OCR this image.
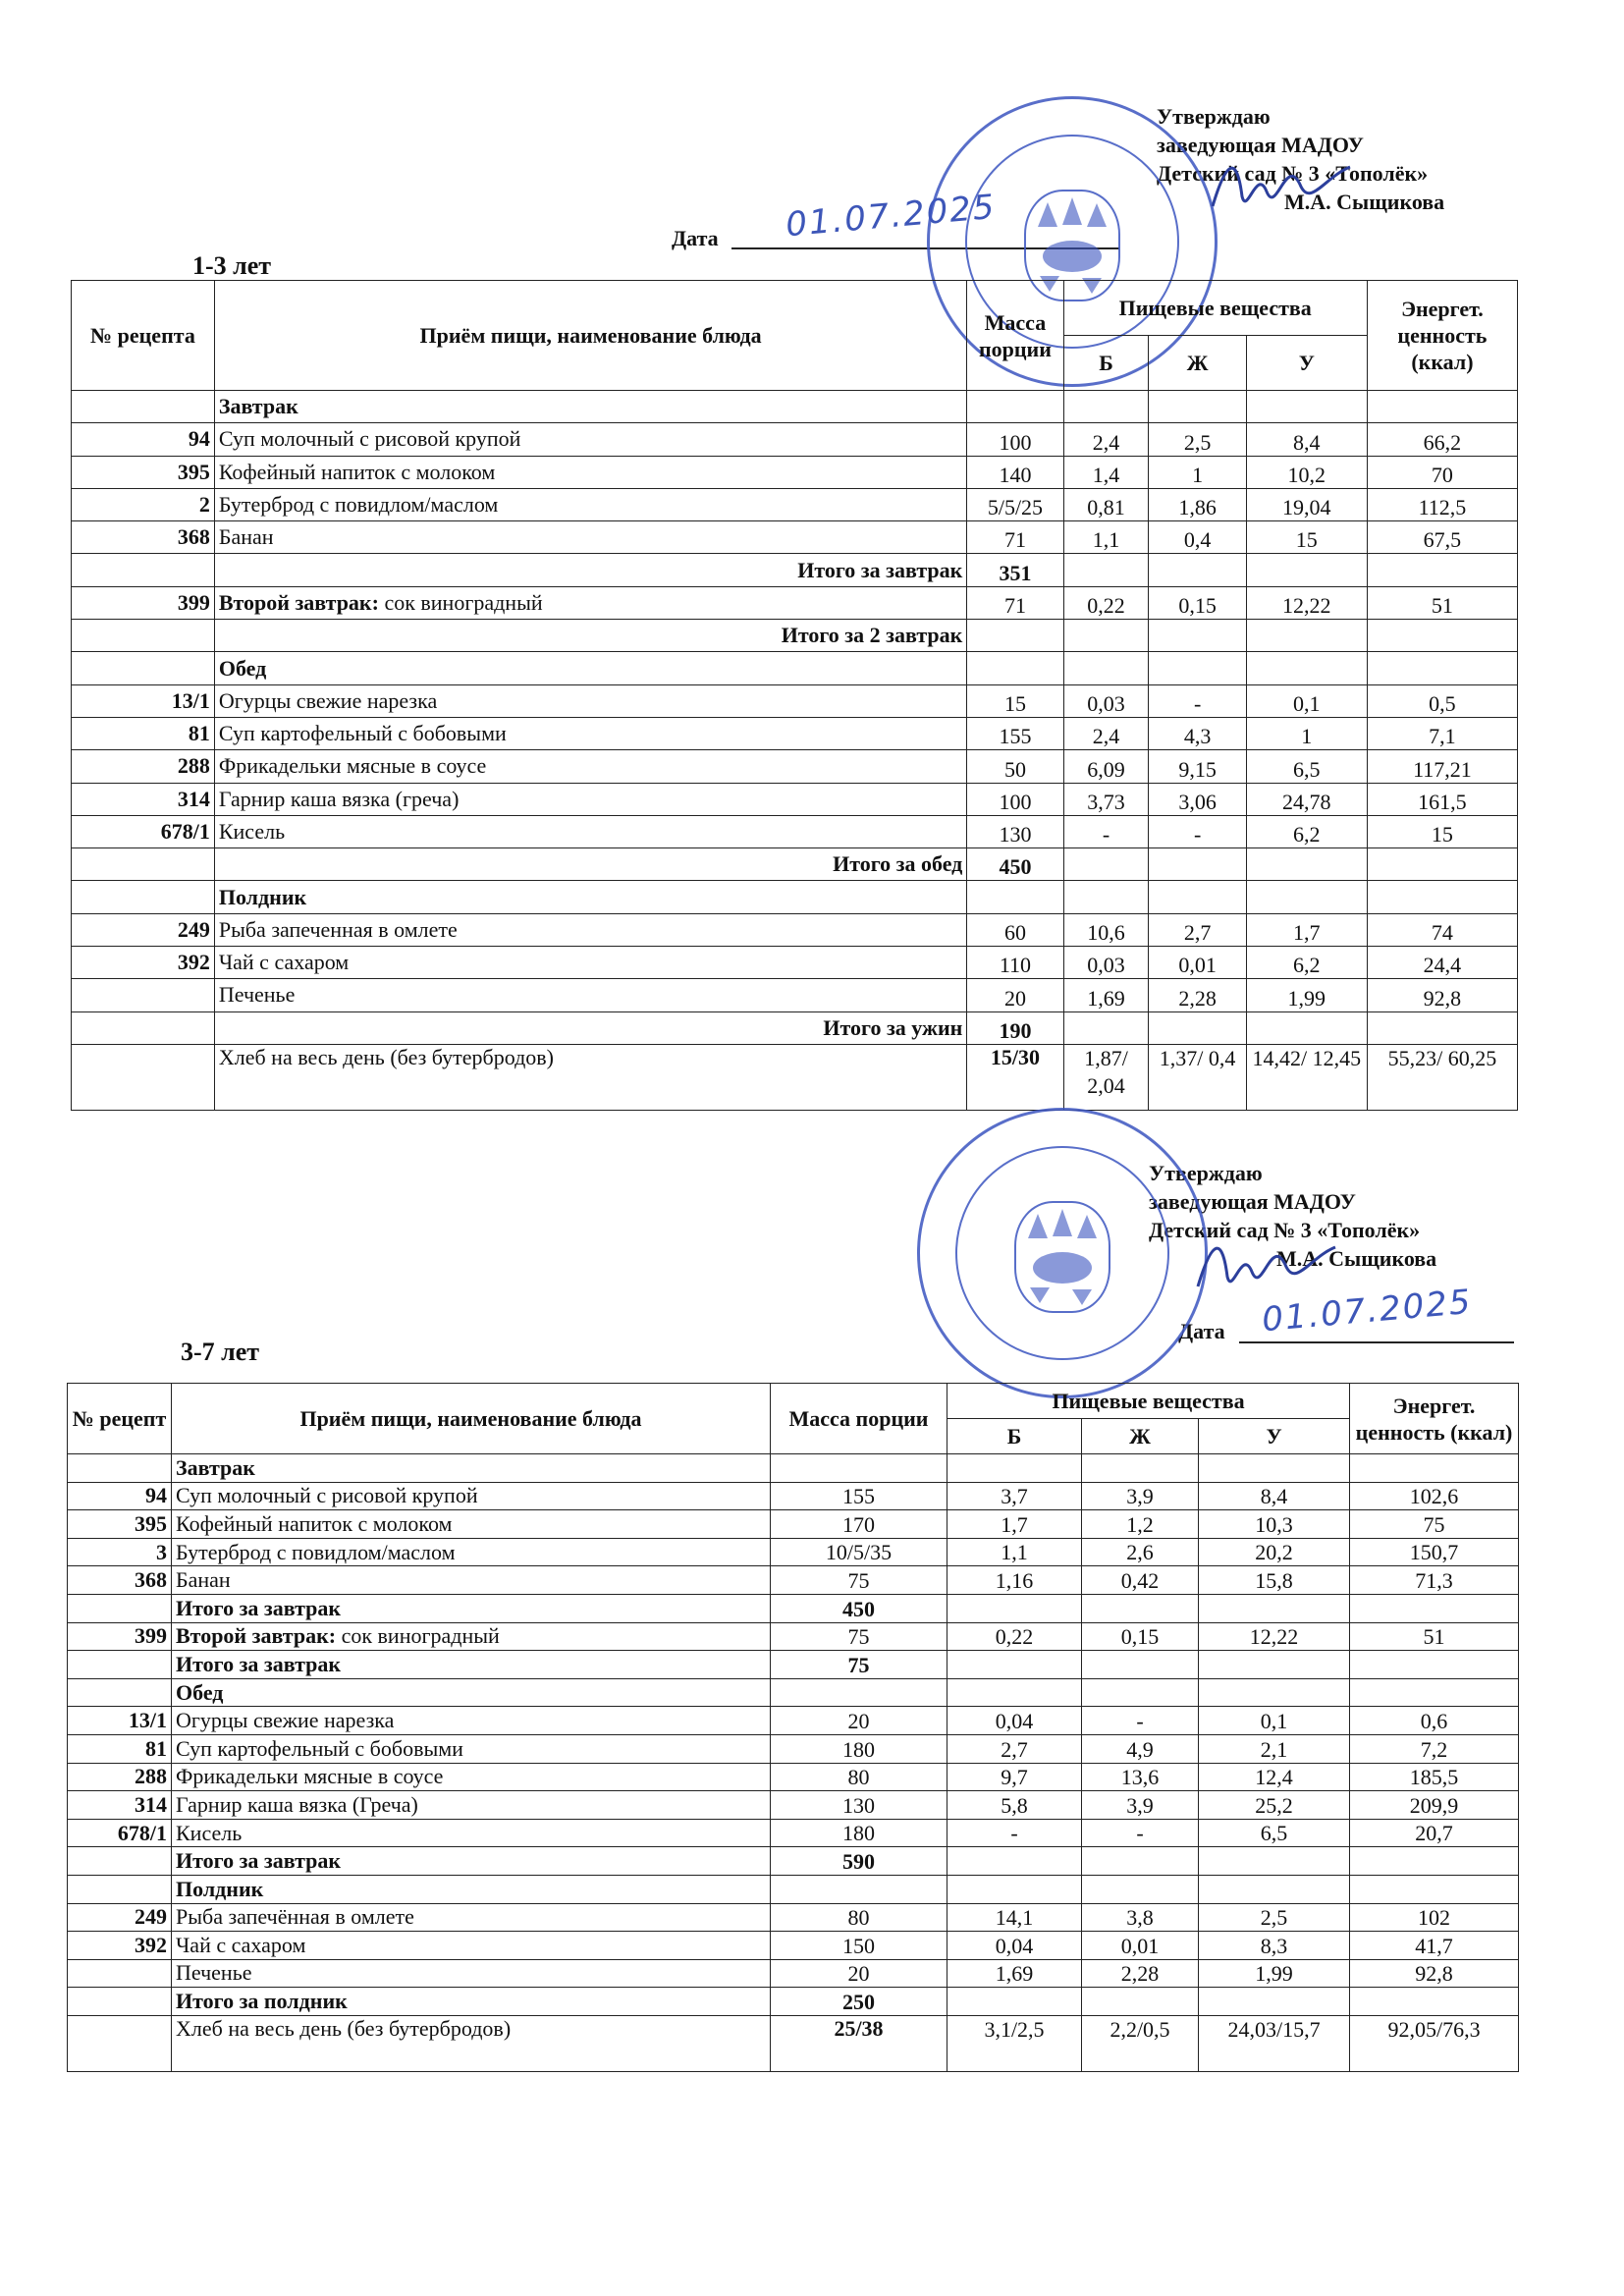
Утверждаю
заведующая МАДОУ
Детский сад № 3 «Тополёк»
М.А. Сыщикова
Дата 01.07.2025
1-3 лет
№ рецепта	Приём пищи, наименование блюда	Масса порции	Пищевые вещества			Энергет. ценность (ккал)
			Б	Ж	У	
	Завтрак					
94	Суп молочный с рисовой крупой	100	2,4	2,5	8,4	66,2
395	Кофейный напиток с молоком	140	1,4	1	10,2	70
2	Бутерброд с повидлом/маслом	5/5/25	0,81	1,86	19,04	112,5
368	Банан	71	1,1	0,4	15	67,5
	Итого за завтрак	351				
399	Второй завтрак: сок виноградный	71	0,22	0,15	12,22	51
	Итого за 2 завтрак					
	Обед					
13/1	Огурцы свежие нарезка	15	0,03	-	0,1	0,5
81	Суп картофельный с бобовыми	155	2,4	4,3	1	7,1
288	Фрикадельки мясные в соусе	50	6,09	9,15	6,5	117,21
314	Гарнир каша вязка (греча)	100	3,73	3,06	24,78	161,5
678/1	Кисель	130	-	-	6,2	15
	Итого за обед	450				
	Полдник					
249	Рыба запеченная в омлете	60	10,6	2,7	1,7	74
392	Чай с сахаром	110	0,03	0,01	6,2	24,4
	Печенье	20	1,69	2,28	1,99	92,8
	Итого за ужин	190				
	Хлеб на весь день (без бутербродов)	15/30	1,87/ 2,04	1,37/ 0,4	14,42/ 12,45	55,23/ 60,25
Утверждаю
заведующая МАДОУ
Детский сад № 3 «Тополёк»
М.А. Сыщикова
Дата 01.07.2025
3-7 лет
№ рецепт	Приём пищи, наименование блюда	Масса порции	Пищевые вещества			Энергет. ценность (ккал)
			Б	Ж	У	
	Завтрак					
94	Суп молочный с рисовой крупой	155	3,7	3,9	8,4	102,6
395	Кофейный напиток с молоком	170	1,7	1,2	10,3	75
3	Бутерброд с повидлом/маслом	10/5/35	1,1	2,6	20,2	150,7
368	Банан	75	1,16	0,42	15,8	71,3
	Итого за завтрак	450				
399	Второй завтрак: сок виноградный	75	0,22	0,15	12,22	51
	Итого за завтрак	75				
	Обед					
13/1	Огурцы свежие нарезка	20	0,04	-	0,1	0,6
81	Суп картофельный с бобовыми	180	2,7	4,9	2,1	7,2
288	Фрикадельки мясные в соусе	80	9,7	13,6	12,4	185,5
314	Гарнир каша вязка (Греча)	130	5,8	3,9	25,2	209,9
678/1	Кисель	180	-	-	6,5	20,7
	Итого за завтрак	590				
	Полдник					
249	Рыба запечённая в омлете	80	14,1	3,8	2,5	102
392	Чай с сахаром	150	0,04	0,01	8,3	41,7
	Печенье	20	1,69	2,28	1,99	92,8
	Итого за полдник	250				
	Хлеб на весь день (без бутербродов)	25/38	3,1/2,5	2,2/0,5	24,03/15,7	92,05/76,3
